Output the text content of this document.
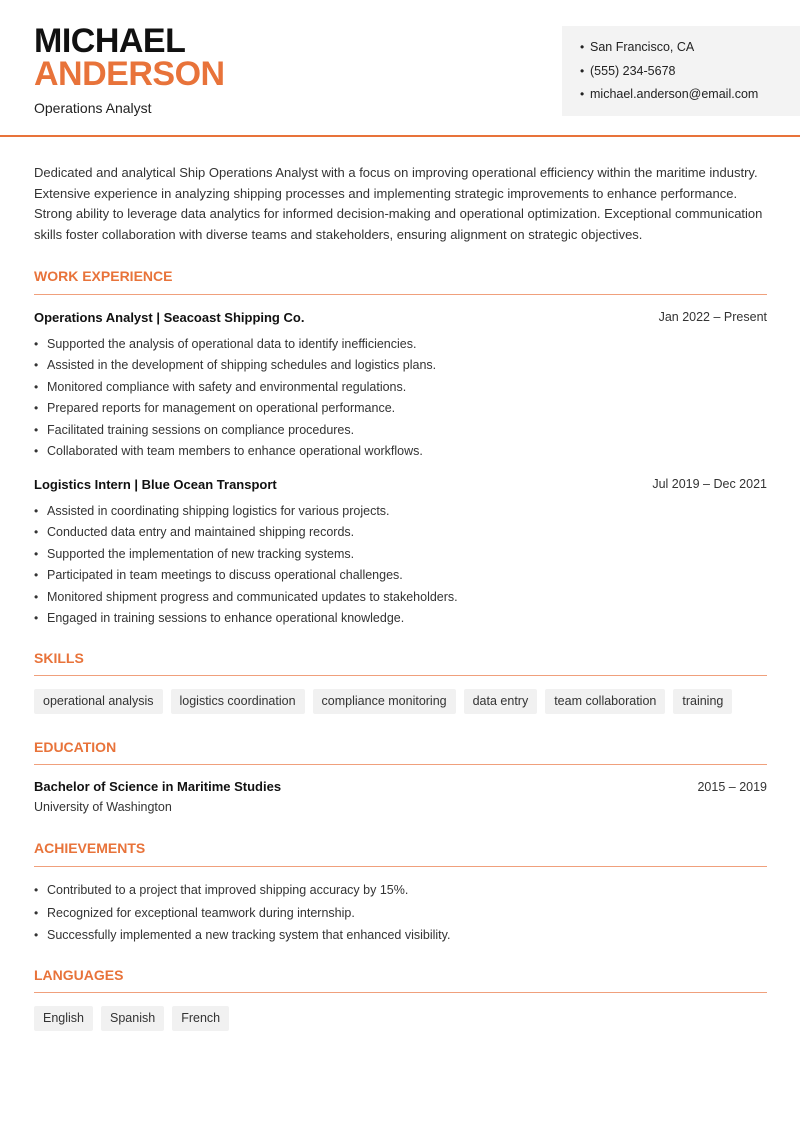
MICHAEL
ANDERSON
Operations Analyst
• San Francisco, CA
• (555) 234-5678
• michael.anderson@email.com

Dedicated and analytical Ship Operations Analyst with a focus on improving operational efficiency within the maritime industry. Extensive experience in analyzing shipping processes and implementing strategic improvements to enhance performance. Strong ability to leverage data analytics for informed decision-making and operational optimization. Exceptional communication skills foster collaboration with diverse teams and stakeholders, ensuring alignment on strategic objectives.

WORK EXPERIENCE
Operations Analyst | Seacoast Shipping Co.	Jan 2022 – Present
• Supported the analysis of operational data to identify inefficiencies.
• Assisted in the development of shipping schedules and logistics plans.
• Monitored compliance with safety and environmental regulations.
• Prepared reports for management on operational performance.
• Facilitated training sessions on compliance procedures.
• Collaborated with team members to enhance operational workflows.
Logistics Intern | Blue Ocean Transport	Jul 2019 – Dec 2021
• Assisted in coordinating shipping logistics for various projects.
• Conducted data entry and maintained shipping records.
• Supported the implementation of new tracking systems.
• Participated in team meetings to discuss operational challenges.
• Monitored shipment progress and communicated updates to stakeholders.
• Engaged in training sessions to enhance operational knowledge.
SKILLS
operational analysis	logistics coordination	compliance monitoring	data entry	team collaboration	training
EDUCATION
Bachelor of Science in Maritime Studies	2015 – 2019
University of Washington
ACHIEVEMENTS
• Contributed to a project that improved shipping accuracy by 15%.
• Recognized for exceptional teamwork during internship.
• Successfully implemented a new tracking system that enhanced visibility.
LANGUAGES
English	Spanish	French
